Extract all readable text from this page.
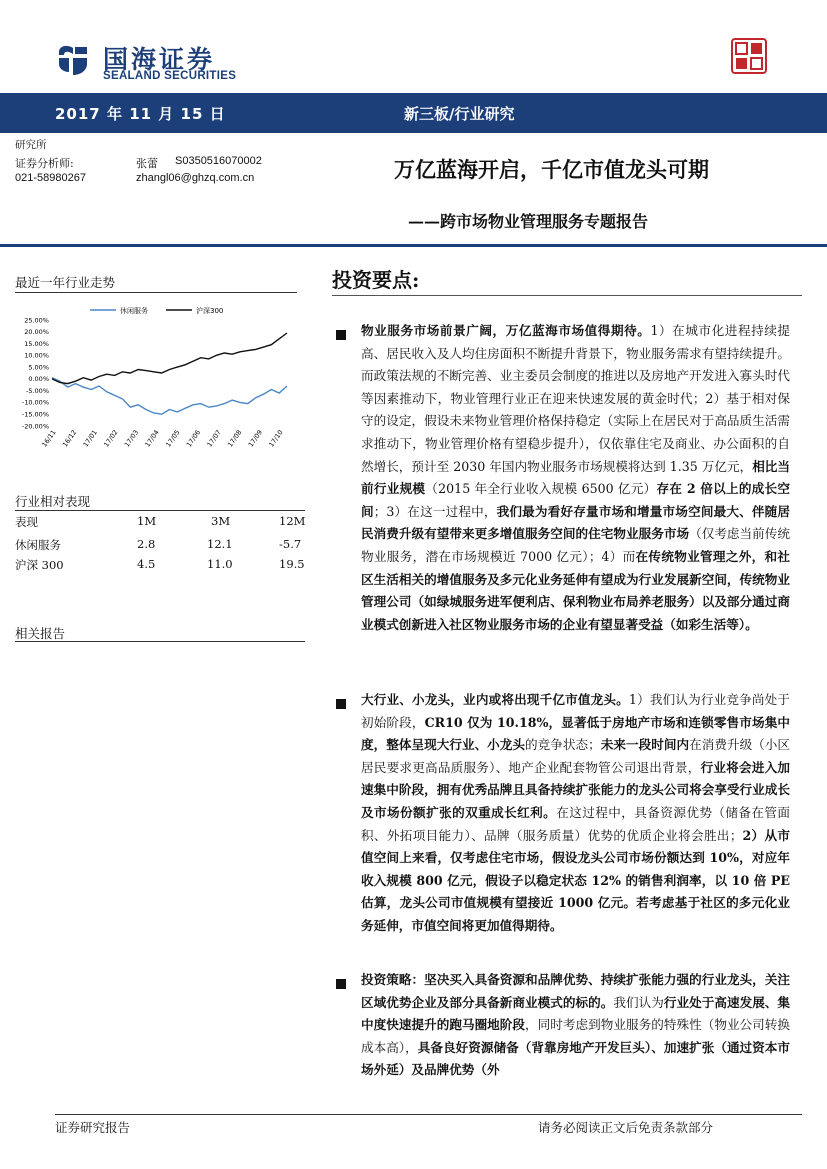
国海证券
SEALAND SECURITIES
2017 年 11 月 15 日	新三板/行业研究
研究所
证券分析师:	张蕾 S0350516070002
021-58980267	zhangl06@ghzq.com.cn	万亿蓝海开启，千亿市值龙头可期
——跨市场物业管理服务专题报告
最近一年行业走势
休闲服务	沪深300
25.00%
20.00%
15.00%
10.00%
5.00%
0.00%
-5.00%
-10.00%
-15.00%
-20.00%
16/11 16/12 17/01 17/02 17/03 17/04 17/05 17/06 17/07 17/08 17/09 17/10
行业相对表现
表现	1M	3M	12M
休闲服务	2.8	12.1	-5.7
沪深 300	4.5	11.0	19.5
相关报告
投资要点:
物业服务市场前景广阔，万亿蓝海市场值得期待。1）在城市化进程持续提高、居民收入及人均住房面积不断提升背景下，物业服务需求有望持续提升。而政策法规的不断完善、业主委员会制度的推进以及房地产开发进入寡头时代等因素推动下，物业管理行业正在迎来快速发展的黄金时代；2）基于相对保守的设定，假设未来物业管理价格保持稳定（实际上在居民对于高品质生活需求推动下，物业管理价格有望稳步提升），仅依靠住宅及商业、办公面积的自然增长，预计至 2030 年国内物业服务市场规模将达到 1.35 万亿元，相比当前行业规模（2015 年全行业收入规模 6500 亿元）存在 2 倍以上的成长空间；3）在这一过程中，我们最为看好存量市场和增量市场空间最大、伴随居民消费升级有望带来更多增值服务空间的住宅物业服务市场（仅考虑当前传统物业服务，潜在市场规模近 7000 亿元）；4）而在传统物业管理之外，和社区生活相关的增值服务及多元化业务延伸有望成为行业发展新空间，传统物业管理公司（如绿城服务进军便利店、保利物业布局养老服务）以及部分通过商业模式创新进入社区物业服务市场的企业有望显著受益（如彩生活等）。
大行业、小龙头，业内或将出现千亿市值龙头。1）我们认为行业竞争尚处于初始阶段，CR10 仅为 10.18%，显著低于房地产市场和连锁零售市场集中度，整体呈现大行业、小龙头的竞争状态；未来一段时间内在消费升级（小区居民要求更高品质服务）、地产企业配套物管公司退出背景，行业将会进入加速集中阶段，拥有优秀品牌且具备持续扩张能力的龙头公司将会享受行业成长及市场份额扩张的双重成长红利。在这过程中，具备资源优势（储备在管面积、外拓项目能力）、品牌（服务质量）优势的优质企业将会胜出；2）从市值空间上来看，仅考虑住宅市场，假设龙头公司市场份额达到 10%，对应年收入规模 800 亿元，假设子以稳定状态 12% 的销售利润率，以 10 倍 PE 估算，龙头公司市值规模有望接近 1000 亿元。若考虑基于社区的多元化业务延伸，市值空间将更加值得期待。
投资策略：坚决买入具备资源和品牌优势、持续扩张能力强的行业龙头，关注区域优势企业及部分具备新商业模式的标的。我们认为行业处于高速发展、集中度快速提升的跑马圈地阶段，同时考虑到物业服务的特殊性（物业公司转换成本高），具备良好资源储备（背靠房地产开发巨头）、加速扩张（通过资本市场外延）及品牌优势（外
证券研究报告	请务必阅读正文后免责条款部分
